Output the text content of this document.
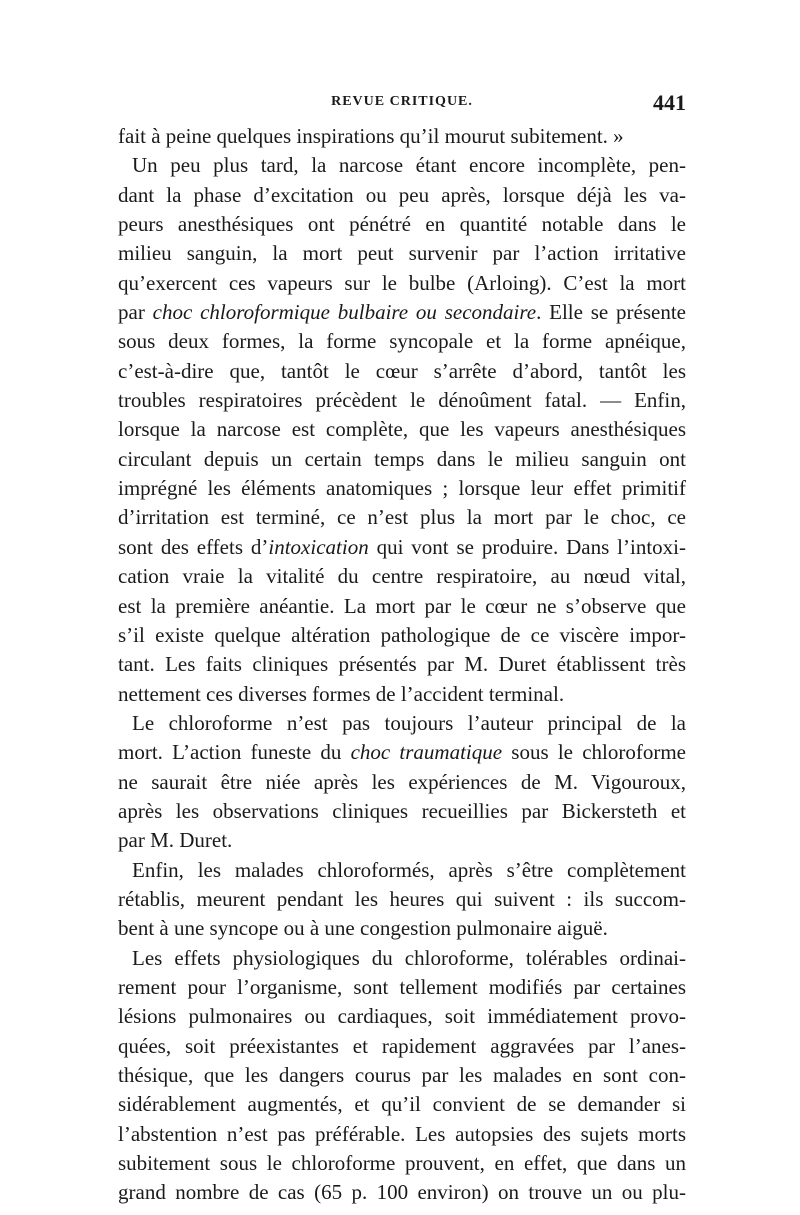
REVUE CRITIQUE.	441
fait à peine quelques inspirations qu’il mourut subitement. »
Un peu plus tard, la narcose étant encore incomplète, pen-
dant la phase d’excitation ou peu après, lorsque déjà les va-
peurs anesthésiques ont pénétré en quantité notable dans le
milieu sanguin, la mort peut survenir par l’action irritative
qu’exercent ces vapeurs sur le bulbe (Arloing). C’est la mort
par choc chloroformique bulbaire ou secondaire. Elle se présente
sous deux formes, la forme syncopale et la forme apnéique,
c’est-à-dire que, tantôt le cœur s’arrête d’abord, tantôt les
troubles respiratoires précèdent le dénoûment fatal. — Enfin,
lorsque la narcose est complète, que les vapeurs anesthésiques
circulant depuis un certain temps dans le milieu sanguin ont
imprégné les éléments anatomiques ; lorsque leur effet primitif
d’irritation est terminé, ce n’est plus la mort par le choc, ce
sont des effets d’intoxication qui vont se produire. Dans l’intoxi-
cation vraie la vitalité du centre respiratoire, au nœud vital,
est la première anéantie. La mort par le cœur ne s’observe que
s’il existe quelque altération pathologique de ce viscère impor-
tant. Les faits cliniques présentés par M. Duret établissent très
nettement ces diverses formes de l’accident terminal.
Le chloroforme n’est pas toujours l’auteur principal de la
mort. L’action funeste du choc traumatique sous le chloroforme
ne saurait être niée après les expériences de M. Vigouroux,
après les observations cliniques recueillies par Bickersteth et
par M. Duret.
Enfin, les malades chloroformés, après s’être complètement
rétablis, meurent pendant les heures qui suivent : ils succom-
bent à une syncope ou à une congestion pulmonaire aiguë.
Les effets physiologiques du chloroforme, tolérables ordinai-
rement pour l’organisme, sont tellement modifiés par certaines
lésions pulmonaires ou cardiaques, soit immédiatement provo-
quées, soit préexistantes et rapidement aggravées par l’anes-
thésique, que les dangers courus par les malades en sont con-
sidérablement augmentés, et qu’il convient de se demander si
l’abstention n’est pas préférable. Les autopsies des sujets morts
subitement sous le chloroforme prouvent, en effet, que dans un
grand nombre de cas (65 p. 100 environ) on trouve un ou plu-
